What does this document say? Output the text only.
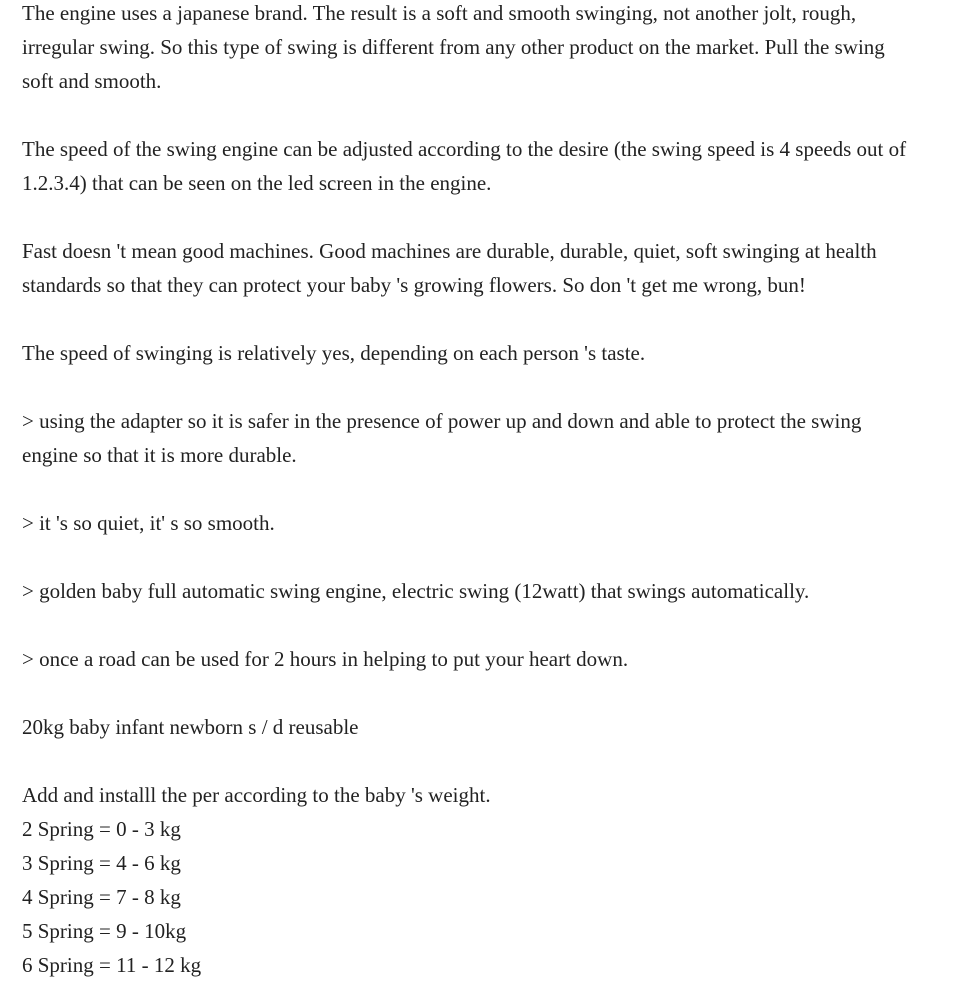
The engine uses a japanese brand. The result is a soft and smooth swinging, not another jolt, rough, irregular swing. So this type of swing is different from any other product on the market. Pull the swing soft and smooth.

The speed of the swing engine can be adjusted according to the desire (the swing speed is 4 speeds out of 1.2.3.4) that can be seen on the led screen in the engine.

Fast doesn 't mean good machines. Good machines are durable, durable, quiet, soft swinging at health standards so that they can protect your baby 's growing flowers. So don 't get me wrong, bun!

The speed of swinging is relatively yes, depending on each person 's taste.

> using the adapter so it is safer in the presence of power up and down and able to protect the swing engine so that it is more durable.

> it 's so quiet, it' s so smooth.

> golden baby full automatic swing engine, electric swing (12watt) that swings automatically.

> once a road can be used for 2 hours in helping to put your heart down.

20kg baby infant newborn s / d reusable

Add and installl the per according to the baby 's weight.
2 Spring = 0 - 3 kg
3 Spring = 4 - 6 kg
4 Spring = 7 - 8 kg
5 Spring = 9 - 10kg
6 Spring = 11 - 12 kg
